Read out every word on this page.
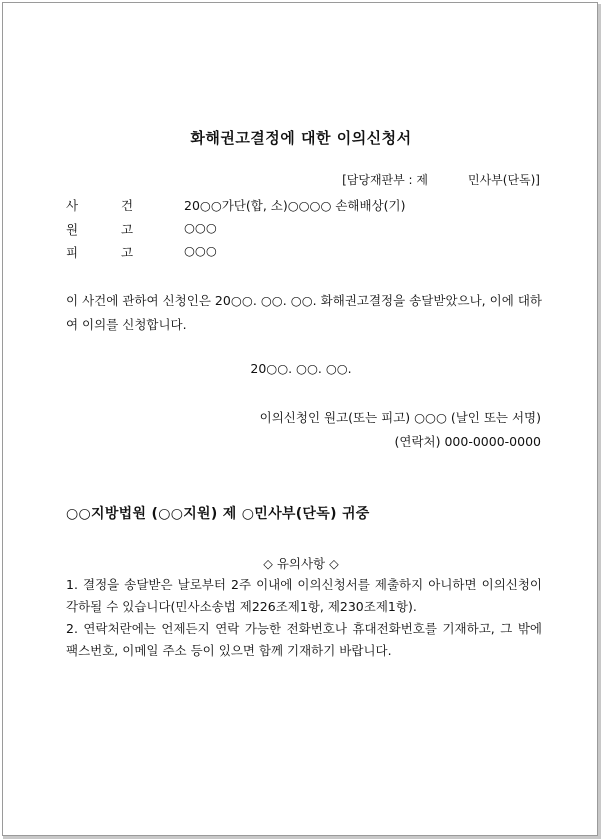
화해권고결정에 대한 이의신청서
[담당재판부 : 제	민사부(단독)]
사	건	20○○가단(합, 소)○○○○ 손해배상(기)
원	고	○○○
피	고	○○○
이 사건에 관하여 신청인은 20○○. ○○. ○○. 화해권고결정을 송달받았으나, 이에 대하여 이의를 신청합니다.
20○○. ○○. ○○.
이의신청인 원고(또는 피고) ○○○ (날인 또는 서명)
(연락처) 000-0000-0000
○○지방법원 (○○지원) 제 ○민사부(단독) 귀중
◇ 유의사항 ◇

1. 결정을 송달받은 날로부터 2주 이내에 이의신청서를 제출하지 아니하면 이의신청이 각하될 수 있습니다(민사소송법 제226조제1항, 제230조제1항).

2. 연락처란에는 언제든지 연락 가능한 전화번호나 휴대전화번호를 기재하고, 그 밖에 팩스번호, 이메일 주소 등이 있으면 함께 기재하기 바랍니다.
